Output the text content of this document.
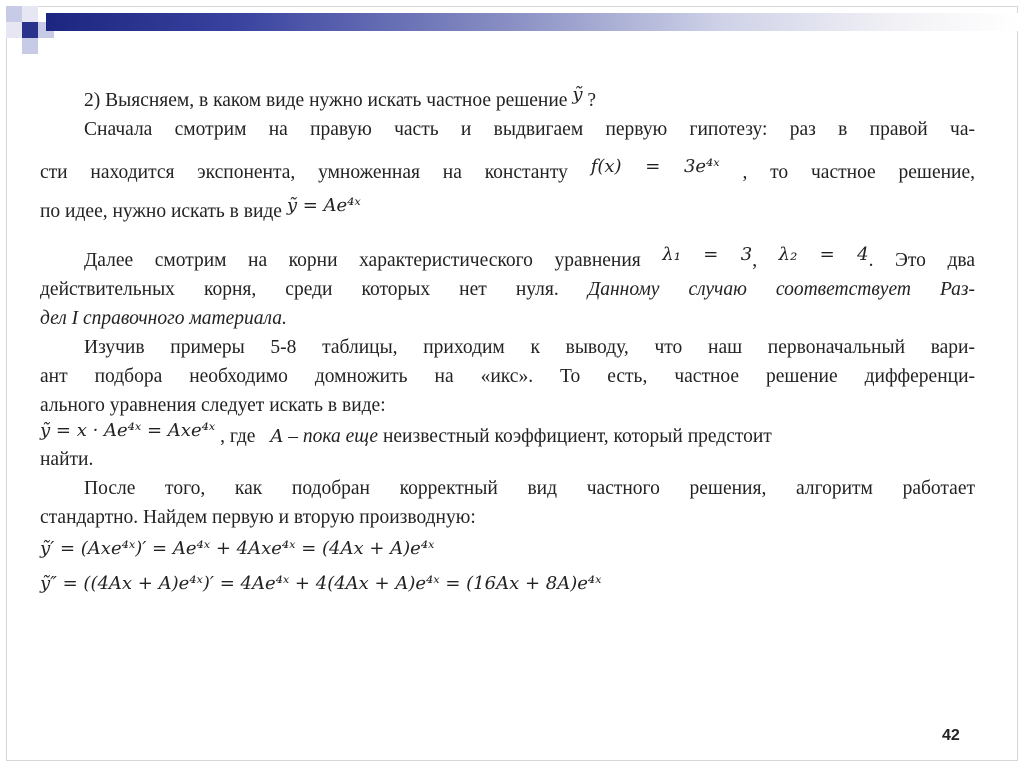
2) Выясняем, в каком виде нужно искать частное решение ỹ ?

Сначала смотрим на правую часть и выдвигаем первую гипотезу: раз в правой ча-

сти находится экспонента, умноженная на константу f(x) = 3e⁴ˣ , то частное решение,

по идее, нужно искать в виде ỹ = Ae⁴ˣ

Далее смотрим на корни характеристического уравнения λ₁ = 3, λ₂ = 4. Это два

действительных корня, среди которых нет нуля. Данному случаю соответствует Раз-

дел I справочного материала.

Изучив примеры 5-8 таблицы, приходим к выводу, что наш первоначальный вари-

ант подбора необходимо домножить на «икс». То есть, частное решение дифференци-

ального уравнения следует искать в виде:

ỹ = x · Ae⁴ˣ = Axe⁴ˣ , где A – пока еще неизвестный коэффициент, который предстоит

найти.

После того, как подобран корректный вид частного решения, алгоритм работает

стандартно. Найдем первую и вторую производную:

ỹ′ = (Axe⁴ˣ)′ = Ae⁴ˣ + 4Axe⁴ˣ = (4Ax + A)e⁴ˣ

ỹ″ = ((4Ax + A)e⁴ˣ)′ = 4Ae⁴ˣ + 4(4Ax + A)e⁴ˣ = (16Ax + 8A)e⁴ˣ

42
